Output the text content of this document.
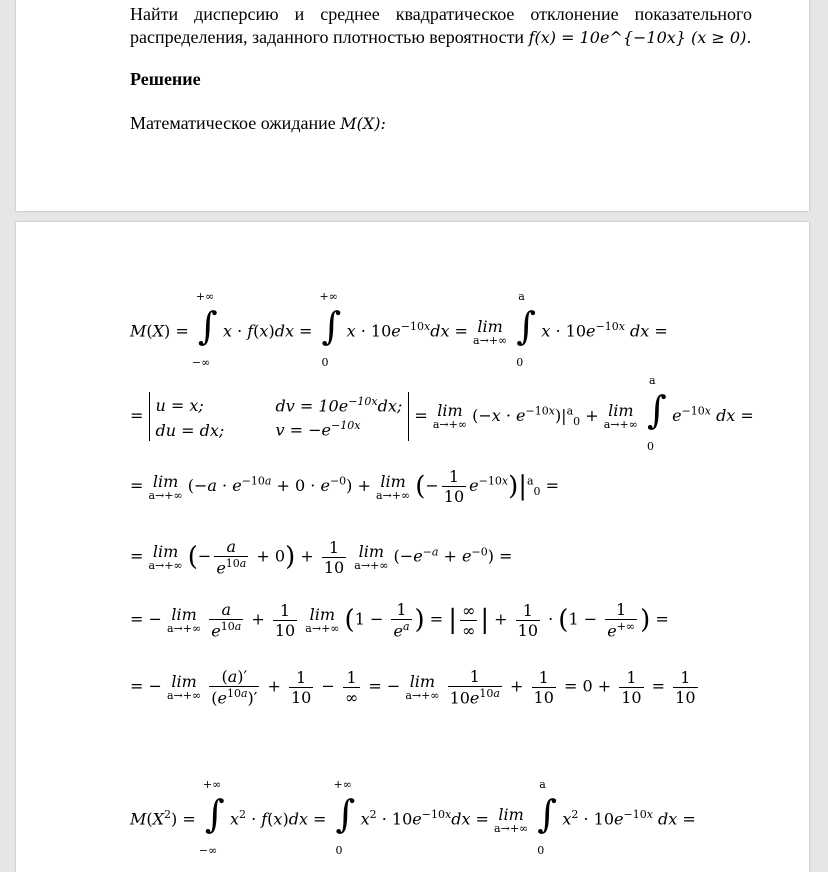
Найти дисперсию и среднее квадратическое отклонение показательного распределения, заданного плотностью вероятности f(x) = 10e^{−10x} (x ≥ 0).
Решение
Математическое ожидание M(X):
M(X) =
+∞
∫
−∞
x · f(x)dx =
+∞
∫
0
$x \cdot 10e^{-10x}dx = \lim$
a→+∞

a
∫
0
$x \cdot 10e^{-10x}$ dx =
= u = x;	dv = $10e^{-10x}dx$;
du = dx;	$v = -e^{-10x} = \lim$
a→+∞ $(-x \cdot e^{-10x})|^a_0 + \lim$
a→+∞

a
∫
0
$e^{-10x}$ dx =
= lim
a→+∞ $(-a \cdot e^{-10a} + 0 \cdot e^{-0}) + \lim$
a→+∞ (− $\frac{1}{10} e^{-10x})|^a_0$ =
= lim
a→+∞ (− $\frac{a}{e^{10a}} + 0) + \frac{1}{10}$
lim
a→+∞ $(-e^{-a} + e^{-0})$ =
= − lim
a→+∞
$\frac{a}{e^{10a}} + \frac{1}{10}$
lim
a→+∞ ($1 - \frac{1}{e^a}$ ) = | $\frac{\infty}{\infty}$ | + $\frac{1}{10} \cdot (1 - \frac{1}{e^{+\infty}}$ ) =
= − lim
a→+∞
$\frac{(a)'}{(e^{10a})'} + \frac{1}{10} - \frac{1}{\infty}$ = − lim
a→+∞
$\frac{1}{10e^{10a}} + \frac{1}{10} = 0 + \frac{1}{10} = \frac{1}{10}$
$M(X^2)$ =
+∞
∫
−∞
$x^2 \cdot f(x)dx$ =
+∞
∫
0
$x^2 \cdot 10e^{-10x}dx = \lim$
a→+∞

a
∫
0
$x^2 \cdot 10e^{-10x}$ dx =
